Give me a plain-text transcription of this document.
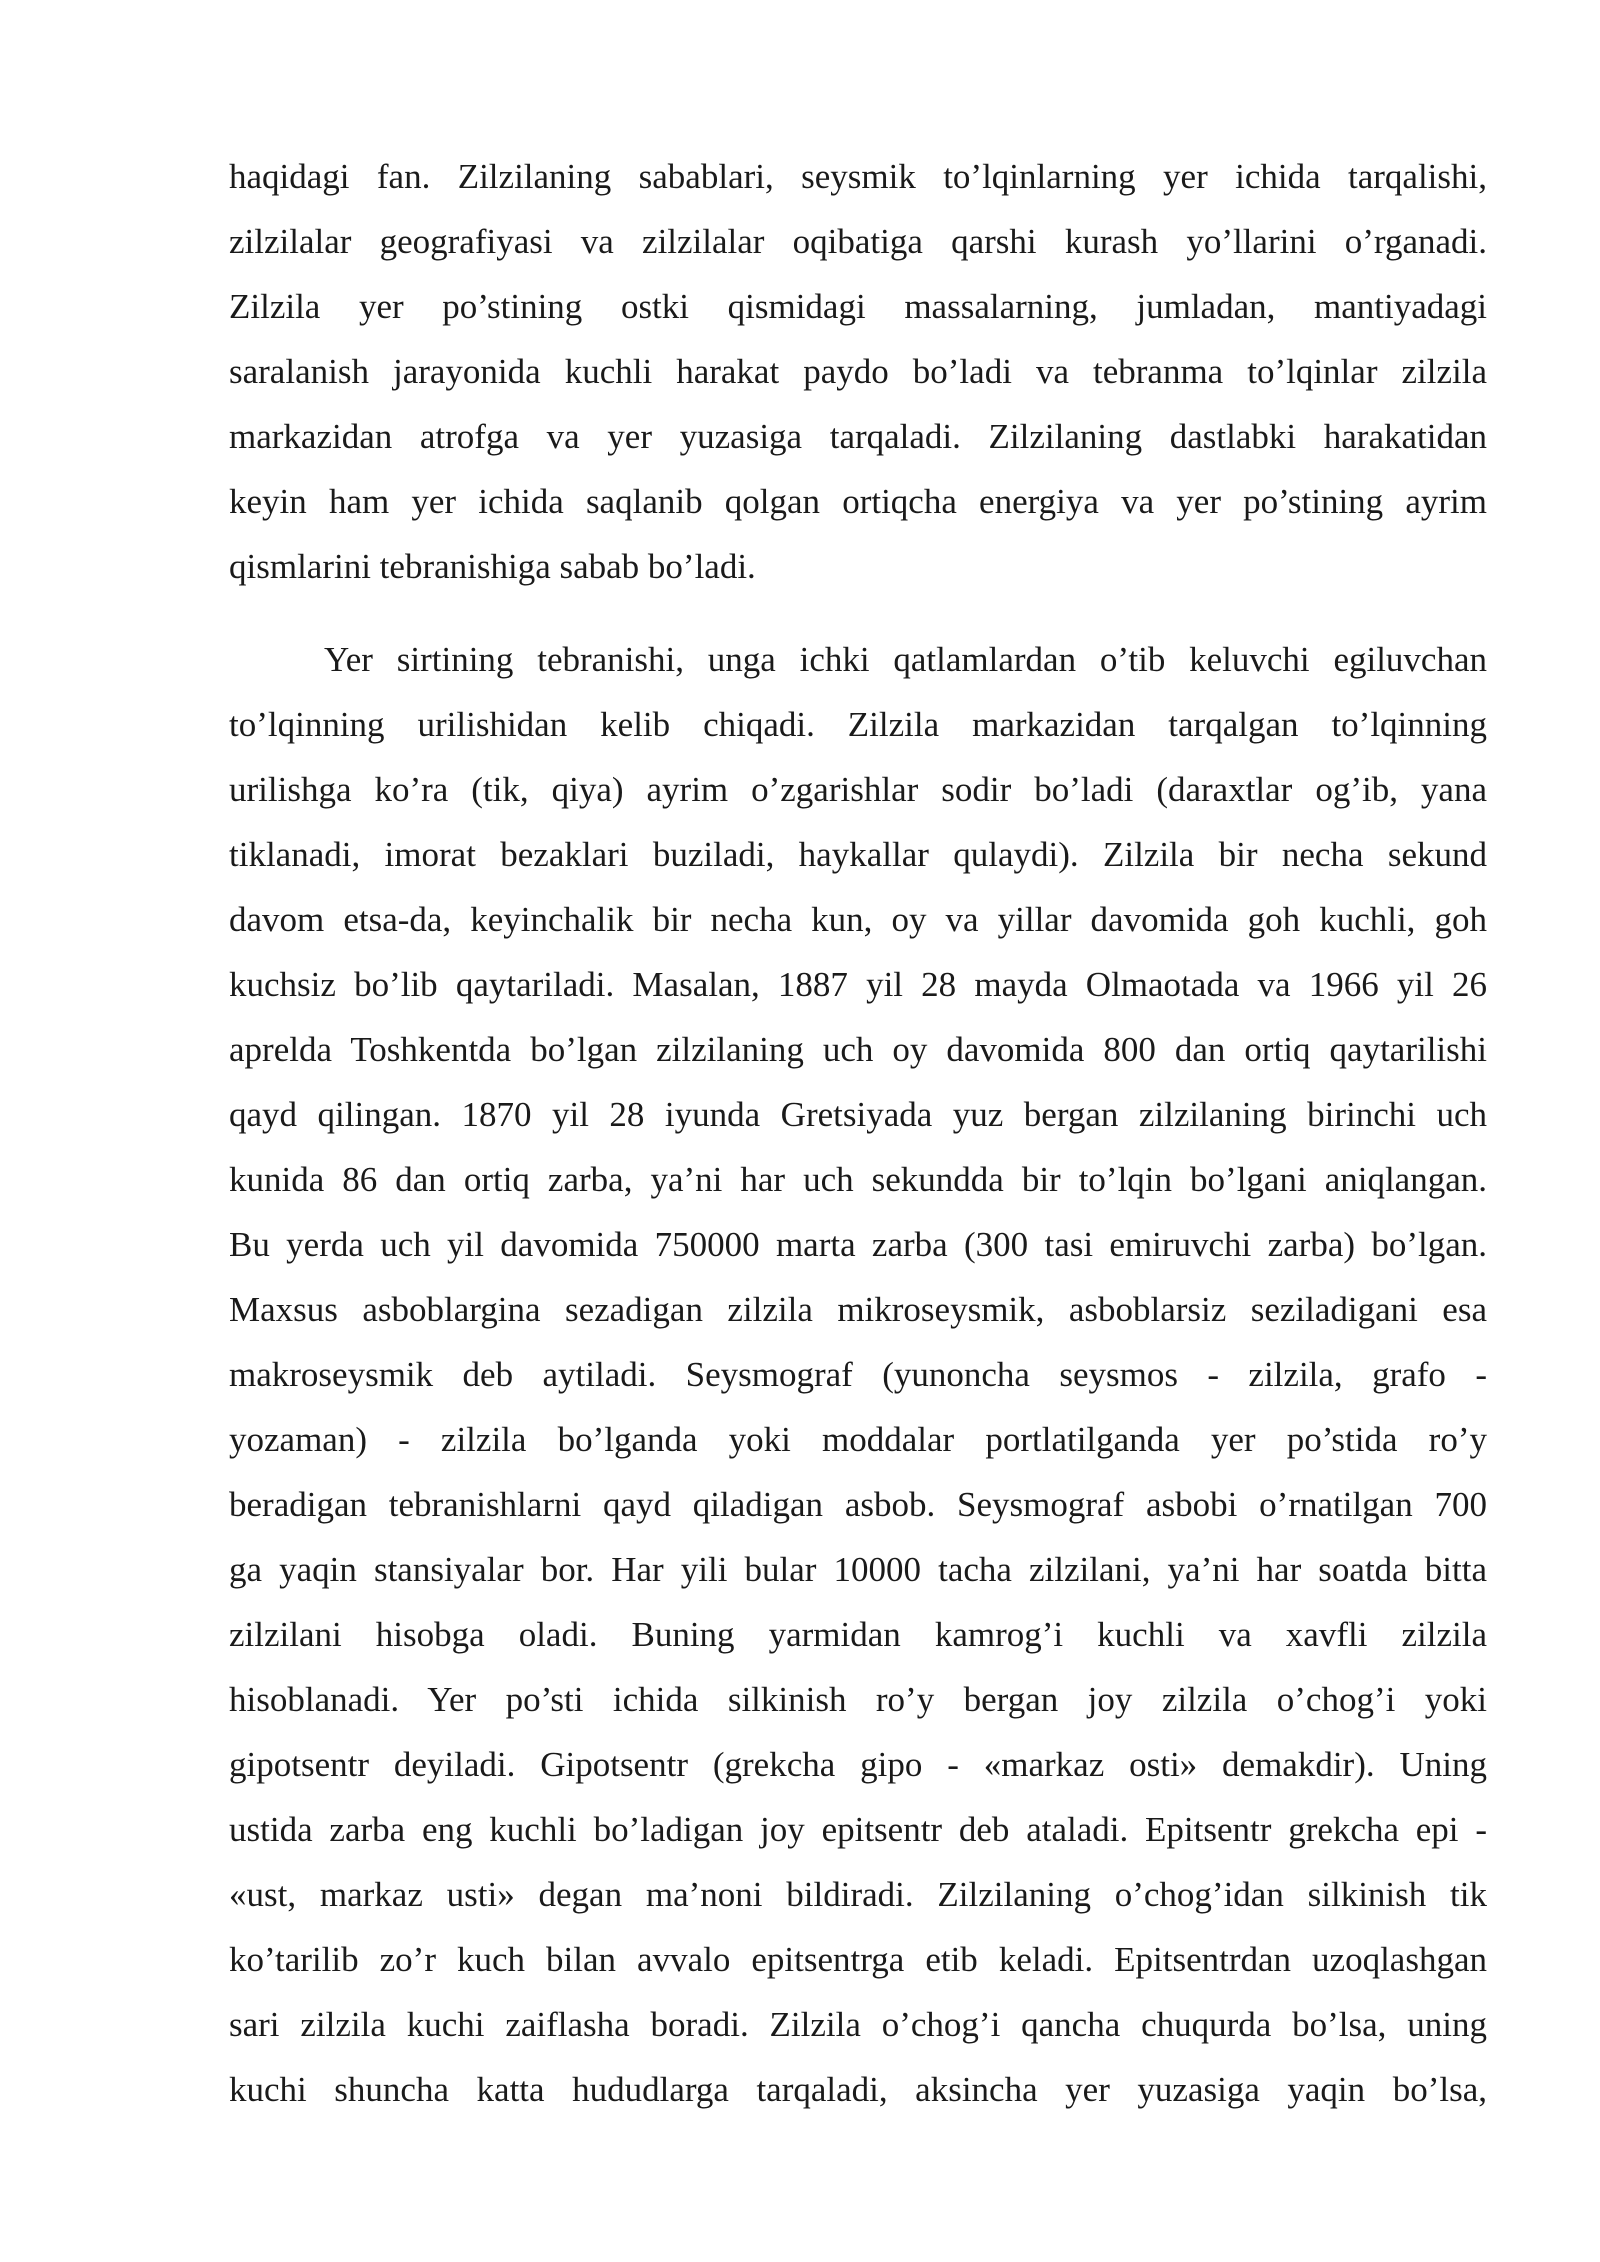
haqidagi fan. Zilzilaning sabablari, seysmik to’lqinlarning yer ichida tarqalishi,
zilzilalar geografiyasi va zilzilalar oqibatiga qarshi kurash yo’llarini o’rganadi.
Zilzila yer po’stining ostki qismidagi massalarning, jumladan, mantiyadagi
saralanish jarayonida kuchli harakat paydo bo’ladi va tebranma to’lqinlar zilzila
markazidan atrofga va yer yuzasiga tarqaladi. Zilzilaning dastlabki harakatidan
keyin ham yer ichida saqlanib qolgan ortiqcha energiya va yer po’stining ayrim
qismlarini tebranishiga sabab bo’ladi.
Yer sirtining tebranishi, unga ichki qatlamlardan o’tib keluvchi egiluvchan
to’lqinning urilishidan kelib chiqadi. Zilzila markazidan tarqalgan to’lqinning
urilishga ko’ra (tik, qiya) ayrim o’zgarishlar sodir bo’ladi (daraxtlar og’ib, yana
tiklanadi, imorat bezaklari buziladi, haykallar qulaydi). Zilzila bir necha sekund
davom etsa-da, keyinchalik bir necha kun, oy va yillar davomida goh kuchli, goh
kuchsiz bo’lib qaytariladi. Masalan, 1887 yil 28 mayda Olmaotada va 1966 yil 26
aprelda Toshkentda bo’lgan zilzilaning uch oy davomida 800 dan ortiq qaytarilishi
qayd qilingan. 1870 yil 28 iyunda Gretsiyada yuz bergan zilzilaning birinchi uch
kunida 86 dan ortiq zarba, ya’ni har uch sekundda bir to’lqin bo’lgani aniqlangan.
Bu yerda uch yil davomida 750000 marta zarba (300 tasi emiruvchi zarba) bo’lgan.
Maxsus asboblargina sezadigan zilzila mikroseysmik, asboblarsiz seziladigani esa
makroseysmik deb aytiladi. Seysmograf (yunoncha seysmos - zilzila, grafo -
yozaman) - zilzila bo’lganda yoki moddalar portlatilganda yer po’stida ro’y
beradigan tebranishlarni qayd qiladigan asbob. Seysmograf asbobi o’rnatilgan 700
ga yaqin stansiyalar bor. Har yili bular 10000 tacha zilzilani, ya’ni har soatda bitta
zilzilani hisobga oladi. Buning yarmidan kamrog’i kuchli va xavfli zilzila
hisoblanadi. Yer po’sti ichida silkinish ro’y bergan joy zilzila o’chog’i yoki
gipotsentr deyiladi. Gipotsentr (grekcha gipo - «markaz osti» demakdir). Uning
ustida zarba eng kuchli bo’ladigan joy epitsentr deb ataladi. Epitsentr grekcha epi -
«ust, markaz usti» degan ma’noni bildiradi. Zilzilaning o’chog’idan silkinish tik
ko’tarilib zo’r kuch bilan avvalo epitsentrga etib keladi. Epitsentrdan uzoqlashgan
sari zilzila kuchi zaiflasha boradi. Zilzila o’chog’i qancha chuqurda bo’lsa, uning
kuchi shuncha katta hududlarga tarqaladi, aksincha yer yuzasiga yaqin bo’lsa,
